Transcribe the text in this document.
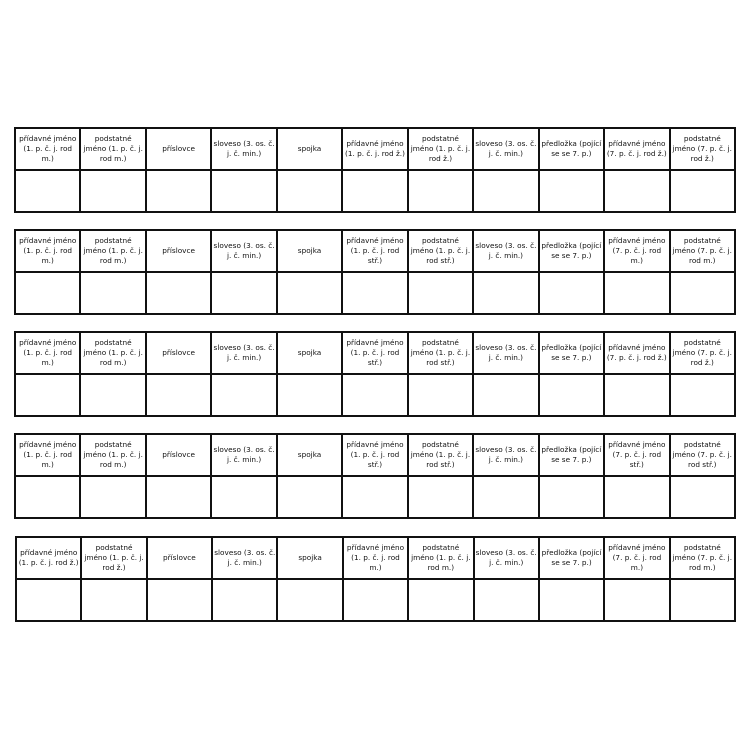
přídavné jméno (1. p. č. j. rod m.)	podstatné jméno (1. p. č. j. rod m.)	příslovce	sloveso (3. os. č. j. č. min.)	spojka	přídavné jméno (1. p. č. j. rod ž.)	podstatné jméno (1. p. č. j. rod ž.)	sloveso (3. os. č. j. č. min.)	předložka (pojící se se 7. p.)	přídavné jméno (7. p. č. j. rod ž.)	podstatné jméno (7. p. č. j. rod ž.)

přídavné jméno (1. p. č. j. rod m.)	podstatné jméno (1. p. č. j. rod m.)	příslovce	sloveso (3. os. č. j. č. min.)	spojka	přídavné jméno (1. p. č. j. rod stř.)	podstatné jméno (1. p. č. j. rod stř.)	sloveso (3. os. č. j. č. min.)	předložka (pojící se se 7. p.)	přídavné jméno (7. p. č. j. rod m.)	podstatné jméno (7. p. č. j. rod m.)

přídavné jméno (1. p. č. j. rod m.)	podstatné jméno (1. p. č. j. rod m.)	příslovce	sloveso (3. os. č. j. č. min.)	spojka	přídavné jméno (1. p. č. j. rod stř.)	podstatné jméno (1. p. č. j. rod stř.)	sloveso (3. os. č. j. č. min.)	předložka (pojící se se 7. p.)	přídavné jméno (7. p. č. j. rod ž.)	podstatné jméno (7. p. č. j. rod ž.)

přídavné jméno (1. p. č. j. rod m.)	podstatné jméno (1. p. č. j. rod m.)	příslovce	sloveso (3. os. č. j. č. min.)	spojka	přídavné jméno (1. p. č. j. rod stř.)	podstatné jméno (1. p. č. j. rod stř.)	sloveso (3. os. č. j. č. min.)	předložka (pojící se se 7. p.)	přídavné jméno (7. p. č. j. rod stř.)	podstatné jméno (7. p. č. j. rod stř.)

přídavné jméno (1. p. č. j. rod ž.)	podstatné jméno (1. p. č. j. rod ž.)	příslovce	sloveso (3. os. č. j. č. min.)	spojka	přídavné jméno (1. p. č. j. rod m.)	podstatné jméno (1. p. č. j. rod m.)	sloveso (3. os. č. j. č. min.)	předložka (pojící se se 7. p.)	přídavné jméno (7. p. č. j. rod m.)	podstatné jméno (7. p. č. j. rod m.)
